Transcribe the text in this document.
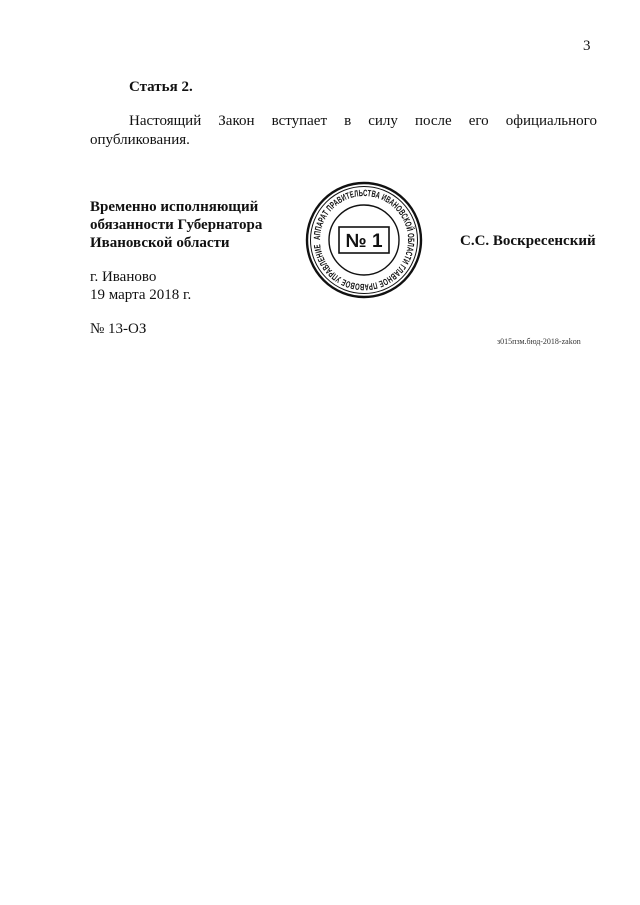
3
Статья 2.
Настоящий Закон вступает в силу после его официального
опубликования.
Временно исполняющий
обязанности Губернатора
Ивановской области	АППАРАТ ПРАВИТЕЛЬСТВА ИВАНОВСКОЙ ОБЛАСТИ ГЛАВНОЕ ПРАВОВОЕ УПРАВЛЕНИЕ	№ 1	С.С. Воскресенский
г. Иваново
19 марта 2018 г.
№ 13-ОЗ
з015пзм.бюд-2018-zakon
